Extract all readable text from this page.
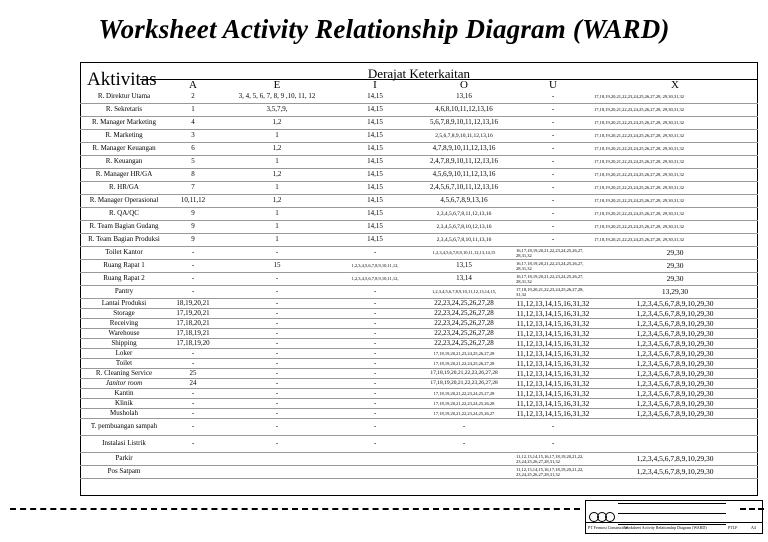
Worksheet Activity Relationship Diagram (WARD)
Aktivitas	Derajat Keterkaitan
	A	E	I	O	U	X
R. Direktur Utama	2	3, 4, 5, 6, 7, 8, 9 ,10, 11, 12	14,15	13,16	-	17,18,19,20,21,22,23,24,25,26,27,28, 29,30,31,32
R. Sekretaris	1	3,5,7,9,	14,15	4,6,8,10,11,12,13,16	-	17,18,19,20,21,22,23,24,25,26,27,28, 29,30,31,32
R. Manager Marketing	4	1,2	14,15	5,6,7,8,9,10,11,12,13,16	-	17,18,19,20,21,22,23,24,25,26,27,28, 29,30,31,32
R. Marketing	3	1	14,15	2,5,6,7,8,9,10,11,12,13,16	-	17,18,19,20,21,22,23,24,25,26,27,28, 29,30,31,32
R. Manager Keuangan	6	1,2	14,15	4,7,8,9,10,11,12,13,16	-	17,18,19,20,21,22,23,24,25,26,27,28, 29,30,31,32
R. Keuangan	5	1	14,15	2,4,7,8,9,10,11,12,13,16	-	17,18,19,20,21,22,23,24,25,26,27,28, 29,30,31,32
R. Manager HR/GA	8	1,2	14,15	4,5,6,9,10,11,12,13,16	-	17,18,19,20,21,22,23,24,25,26,27,28, 29,30,31,32
R. HR/GA	7	1	14,15	2,4,5,6,7,10,11,12,13,16	-	17,18,19,20,21,22,23,24,25,26,27,28, 29,30,31,32
R. Manager Operasional	10,11,12	1,2	14,15	4,5,6,7,8,9,13,16	-	17,18,19,20,21,22,23,24,25,26,27,28, 29,30,31,32
R. QA/QC	9	1	14,15	2,3,4,5,6,7,8,11,12,13,16	-	17,18,19,20,21,22,23,24,25,26,27,28, 29,30,31,32
R. Team Bagian Gudang	9	1	14,15	2,3,4,5,6,7,8,10,12,13,16	-	17,18,19,20,21,22,23,24,25,26,27,28, 29,30,31,32
R. Team Bagian Produksi	9	1	14,15	2,3,4,5,6,7,8,10,11,13,16	-	17,18,19,20,21,22,23,24,25,26,27,28, 29,30,31,32
Toilet Kantor	-	-	-	1,2,3,4,5,6,7,8,9,10,11,12,13,14,15	16,17,18,19,20,21,22,23,24,25,26,27, 28,31,32	29,30
Ruang Rapat 1	-	15	1,2,3,4,5,6,7,8,9,10,11,12,	13,15	16,17,18,19,20,21,22,23,24,25,26,27, 28,31,32	29,30
Ruang Rapat 2	-	-	1,2,3,4,5,6,7,8,9,10,11,12,	13,14	16,17,18,19,20,21,22,23,24,25,26,27, 28,31,32	29,30
Pantry	-	-	-	1,2,3,4,5,6,7,8,9,10,11,12,13,14,15,	17,18,19,20,21,22,23,24,25,26,27,28, 31,32	13,29,30
Lantai Produksi	18,19,20,21	-	-	22,23,24,25,26,27,28	11,12,13,14,15,16,31,32	1,2,3,4,5,6,7,8,9,10,29,30
Storage	17,19,20,21	-	-	22,23,24,25,26,27,28	11,12,13,14,15,16,31,32	1,2,3,4,5,6,7,8,9,10,29,30
Receiving	17,18,20,21	-	-	22,23,24,25,26,27,28	11,12,13,14,15,16,31,32	1,2,3,4,5,6,7,8,9,10,29,30
Warehouse	17,18,19,21	-	-	22,23,24,25,26,27,28	11,12,13,14,15,16,31,32	1,2,3,4,5,6,7,8,9,10,29,30
Shipping	17,18,19,20	-	-	22,23,24,25,26,27,28	11,12,13,14,15,16,31,32	1,2,3,4,5,6,7,8,9,10,29,30
Loker	-	-	-	17,18,19,20,21,23,24,25,26,27,28	11,12,13,14,15,16,31,32	1,2,3,4,5,6,7,8,9,10,29,30
Toilet	-	-	-	17,18,19,20,21,22,24,25,26,27,28	11,12,13,14,15,16,31,32	1,2,3,4,5,6,7,8,9,10,29,30
R. Cleaning Service	25	-	-	17,18,19,20,21,22,23,26,27,28	11,12,13,14,15,16,31,32	1,2,3,4,5,6,7,8,9,10,29,30
Janitor room	24	-	-	17,18,19,20,21,22,23,26,27,28	11,12,13,14,15,16,31,32	1,2,3,4,5,6,7,8,9,10,29,30
Kantin	-	-	-	17,18,19,20,21,22,23,24,25,27,28	11,12,13,14,15,16,31,32	1,2,3,4,5,6,7,8,9,10,29,30
Klinik	-	-	-	17,18,19,20,21,22,23,24,25,26,28	11,12,13,14,15,16,31,32	1,2,3,4,5,6,7,8,9,10,29,30
Musholah	-	-	-	17,18,19,20,21,22,23,24,25,26,27	11,12,13,14,15,16,31,32	1,2,3,4,5,6,7,8,9,10,29,30
T. pembuangan sampah	-	-	-	-	-	
Instalasi Listrik	-	-	-	-	-	
Parkir					11,12,13,14,15,16,17,18,19,20,21,22, 23,24,25,26,27,28,31,32	1,2,3,4,5,6,7,8,9,10,29,30
Pos Satpam					11,12,13,14,15,16,17,18,19,20,21,22, 23,24,25,26,27,28,31,32	1,2,3,4,5,6,7,8,9,10,29,30
PT Fermosi Construction
Worksheet Activity Relationship Diagram (WARD)	PTLF	A4
